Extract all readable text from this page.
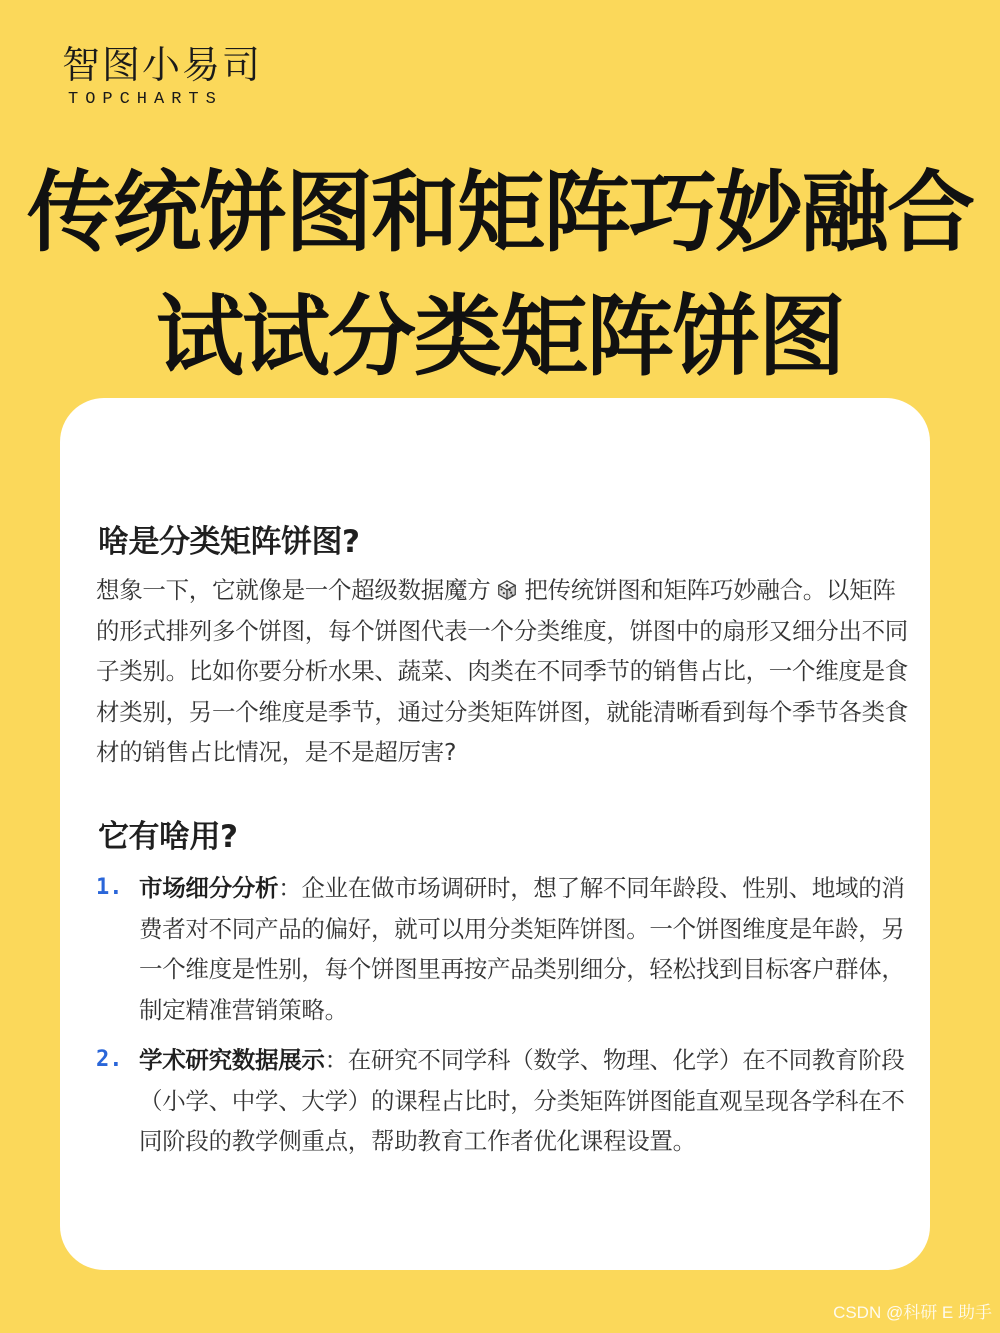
智图小易司
TOPCHARTS
传统饼图和矩阵巧妙融合
试试分类矩阵饼图
啥是分类矩阵饼图?
想象一下，它就像是一个超级数据魔方 把传统饼图和矩阵巧妙融合。以矩阵的形式排列多个饼图，每个饼图代表一个分类维度，饼图中的扇形又细分出不同子类别。比如你要分析水果、蔬菜、肉类在不同季节的销售占比，一个维度是食材类别，另一个维度是季节，通过分类矩阵饼图，就能清晰看到每个季节各类食材的销售占比情况，是不是超厉害?
它有啥用?
1. 市场细分分析：企业在做市场调研时，想了解不同年龄段、性别、地域的消费者对不同产品的偏好，就可以用分类矩阵饼图。一个饼图维度是年龄，另一个维度是性别，每个饼图里再按产品类别细分，轻松找到目标客户群体，制定精准营销策略。
2. 学术研究数据展示：在研究不同学科（数学、物理、化学）在不同教育阶段（小学、中学、大学）的课程占比时，分类矩阵饼图能直观呈现各学科在不同阶段的教学侧重点，帮助教育工作者优化课程设置。
CSDN @科研 E 助手
